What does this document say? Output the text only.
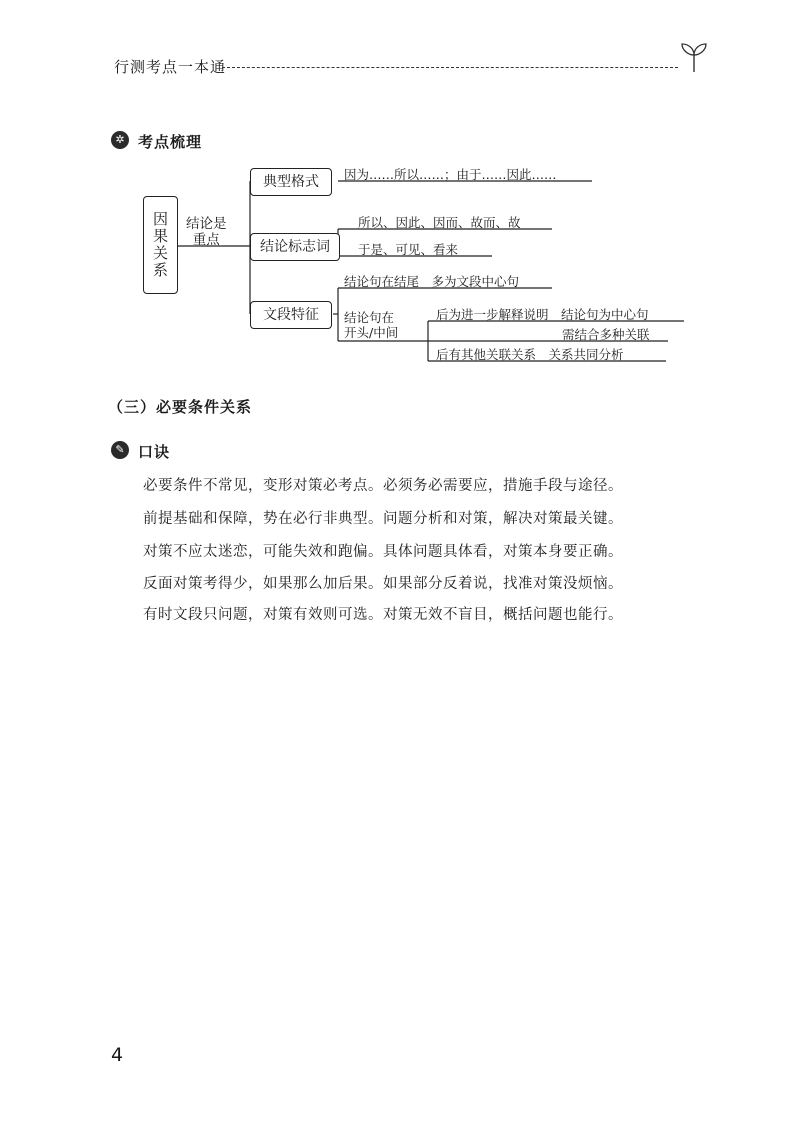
行测考点一本通
✲ 考点梳理
因果关系	结论是
重点
典型格式
结论标志词
文段特征
因为……所以……；由于……因此……
所以、因此、因而、故而、故
于是、可见、看来
结论句在结尾　多为文段中心句
结论句在
开头/中间
后为进一步解释说明　结论句为中心句
需结合多种关联
后有其他关联关系　关系共同分析
（三）必要条件关系
✎ 口诀
必要条件不常见，变形对策必考点。必须务必需要应，措施手段与途径。
前提基础和保障，势在必行非典型。问题分析和对策，解决对策最关键。
对策不应太迷恋，可能失效和跑偏。具体问题具体看，对策本身要正确。
反面对策考得少，如果那么加后果。如果部分反着说，找准对策没烦恼。
有时文段只问题，对策有效则可选。对策无效不盲目，概括问题也能行。
4
